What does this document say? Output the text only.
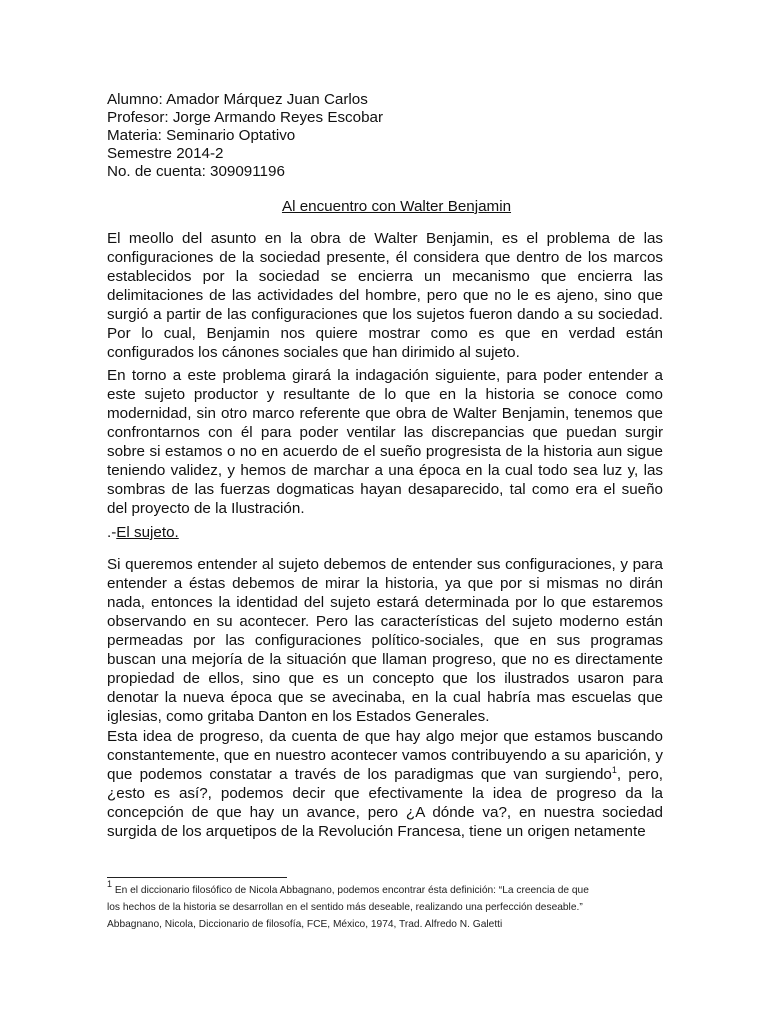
Alumno: Amador Márquez Juan Carlos
Profesor: Jorge Armando Reyes Escobar
Materia: Seminario Optativo
Semestre 2014-2
No. de cuenta: 309091196
Al encuentro con Walter Benjamin

El meollo del asunto en la obra de Walter Benjamin, es el problema de las configuraciones de la sociedad presente, él considera que dentro de los marcos establecidos por la sociedad se encierra un mecanismo que encierra las delimitaciones de las actividades del hombre, pero que no le es ajeno, sino que surgió a partir de las configuraciones que los sujetos fueron dando a su sociedad. Por lo cual, Benjamin nos quiere mostrar como es que en verdad están configurados los cánones sociales que han dirimido al sujeto.

En torno a este problema girará la indagación siguiente, para poder entender a este sujeto productor y resultante de lo que en la historia se conoce como modernidad, sin otro marco referente que obra de Walter Benjamin, tenemos que confrontarnos con él para poder ventilar las discrepancias que puedan surgir sobre si estamos o no en acuerdo de el sueño progresista de la historia aun sigue teniendo validez, y hemos de marchar a una época en la cual todo sea luz y, las sombras de las fuerzas dogmaticas hayan desaparecido, tal como era el sueño del proyecto de la Ilustración.

.-El sujeto.

Si queremos entender al sujeto debemos de entender sus configuraciones, y para entender a éstas debemos de mirar la historia, ya que por si mismas no dirán nada, entonces la identidad del sujeto estará determinada por lo que estaremos observando en su acontecer. Pero las características del sujeto moderno están permeadas por las configuraciones político-sociales, que en sus programas buscan una mejoría de la situación que llaman progreso, que no es directamente propiedad de ellos, sino que es un concepto que los ilustrados usaron para denotar la nueva época que se avecinaba, en la cual habría mas escuelas que iglesias, como gritaba Danton en los Estados Generales.

Esta idea de progreso, da cuenta de que hay algo mejor que estamos buscando constantemente, que en nuestro acontecer vamos contribuyendo a su aparición, y que podemos constatar a través de los paradigmas que van surgiendo$^1$, pero, ¿esto es así?, podemos decir que efectivamente la idea de progreso da la concepción de que hay un avance, pero ¿A dónde va?, en nuestra sociedad surgida de los arquetipos de la Revolución Francesa, tiene un origen netamente

$^1$ En el diccionario filosófico de Nicola Abbagnano, podemos encontrar ésta definición: “La creencia de que
los hechos de la historia se desarrollan en el sentido más deseable, realizando una perfección deseable.”
Abbagnano, Nicola, Diccionario de filosofía, FCE, México, 1974, Trad. Alfredo N. Galetti
